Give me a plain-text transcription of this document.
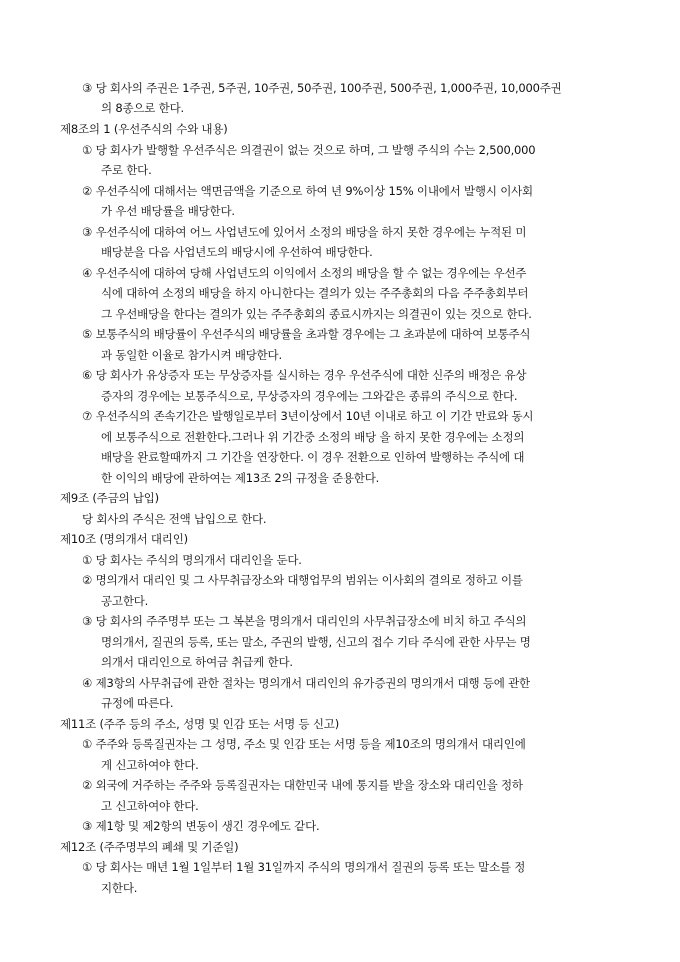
③ 당 회사의 주권은 1주권, 5주권, 10주권, 50주권, 100주권, 500주권, 1,000주권, 10,000주권
의 8종으로 한다.
제8조의 1 (우선주식의 수와 내용)
① 당 회사가 발행할 우선주식은 의결권이 없는 것으로 하며, 그 발행 주식의 수는 2,500,000
주로 한다.
② 우선주식에 대해서는 액면금액을 기준으로 하여 년 9%이상 15% 이내에서 발행시 이사회
가 우선 배당률을 배당한다.
③ 우선주식에 대하여 어느 사업년도에 있어서 소정의 배당을 하지 못한 경우에는 누적된 미
배당분을 다음 사업년도의 배당시에 우선하여 배당한다.
④ 우선주식에 대하여 당해 사업년도의 이익에서 소정의 배당을 할 수 없는 경우에는 우선주
식에 대하여 소정의 배당을 하지 아니한다는 결의가 있는 주주총회의 다음 주주총회부터
그 우선배당을 한다는 결의가 있는 주주총회의 종료시까지는 의결권이 있는 것으로 한다.
⑤ 보통주식의 배당률이 우선주식의 배당률을 초과할 경우에는 그 초과분에 대하여 보통주식
과 동일한 이율로 참가시켜 배당한다.
⑥ 당 회사가 유상증자 또는 무상증자를 실시하는 경우 우선주식에 대한 신주의 배정은 유상
증자의 경우에는 보통주식으로, 무상증자의 경우에는 그와같은 종류의 주식으로 한다.
⑦ 우선주식의 존속기간은 발행일로부터 3년이상에서 10년 이내로 하고 이 기간 만료와 동시
에 보통주식으로 전환한다.그러나 위 기간중 소정의 배당 을 하지 못한 경우에는 소정의
배당을 완료할때까지 그 기간을 연장한다. 이 경우 전환으로 인하여 발행하는 주식에 대
한 이익의 배당에 관하여는 제13조 2의 규정을 준용한다.
제9조 (주금의 납입)
당 회사의 주식은 전액 납입으로 한다.
제10조 (명의개서 대리인)
① 당 회사는 주식의 명의개서 대리인을 둔다.
② 명의개서 대리인 및 그 사무취급장소와 대행업무의 범위는 이사회의 결의로 정하고 이를
공고한다.
③ 당 회사의 주주명부 또는 그 복본을 명의개서 대리인의 사무취급장소에 비치 하고 주식의
명의개서, 질권의 등록, 또는 말소, 주권의 발행, 신고의 접수 기타 주식에 관한 사무는 명
의개서 대리인으로 하여금 취급케 한다.
④ 제3항의 사무취급에 관한 절차는 명의개서 대리인의 유가증권의 명의개서 대행 등에 관한
규정에 따른다.
제11조 (주주 등의 주소, 성명 및 인감 또는 서명 등 신고)
① 주주와 등록질권자는 그 성명, 주소 및 인감 또는 서명 등을 제10조의 명의개서 대리인에
게 신고하여야 한다.
② 외국에 거주하는 주주와 등록질권자는 대한민국 내에 통지를 받을 장소와 대리인을 정하
고 신고하여야 한다.
③ 제1항 및 제2항의 변동이 생긴 경우에도 같다.
제12조 (주주명부의 폐쇄 및 기준일)
① 당 회사는 매년 1월 1일부터 1월 31일까지 주식의 명의개서 질권의 등록 또는 말소를 정
지한다.
